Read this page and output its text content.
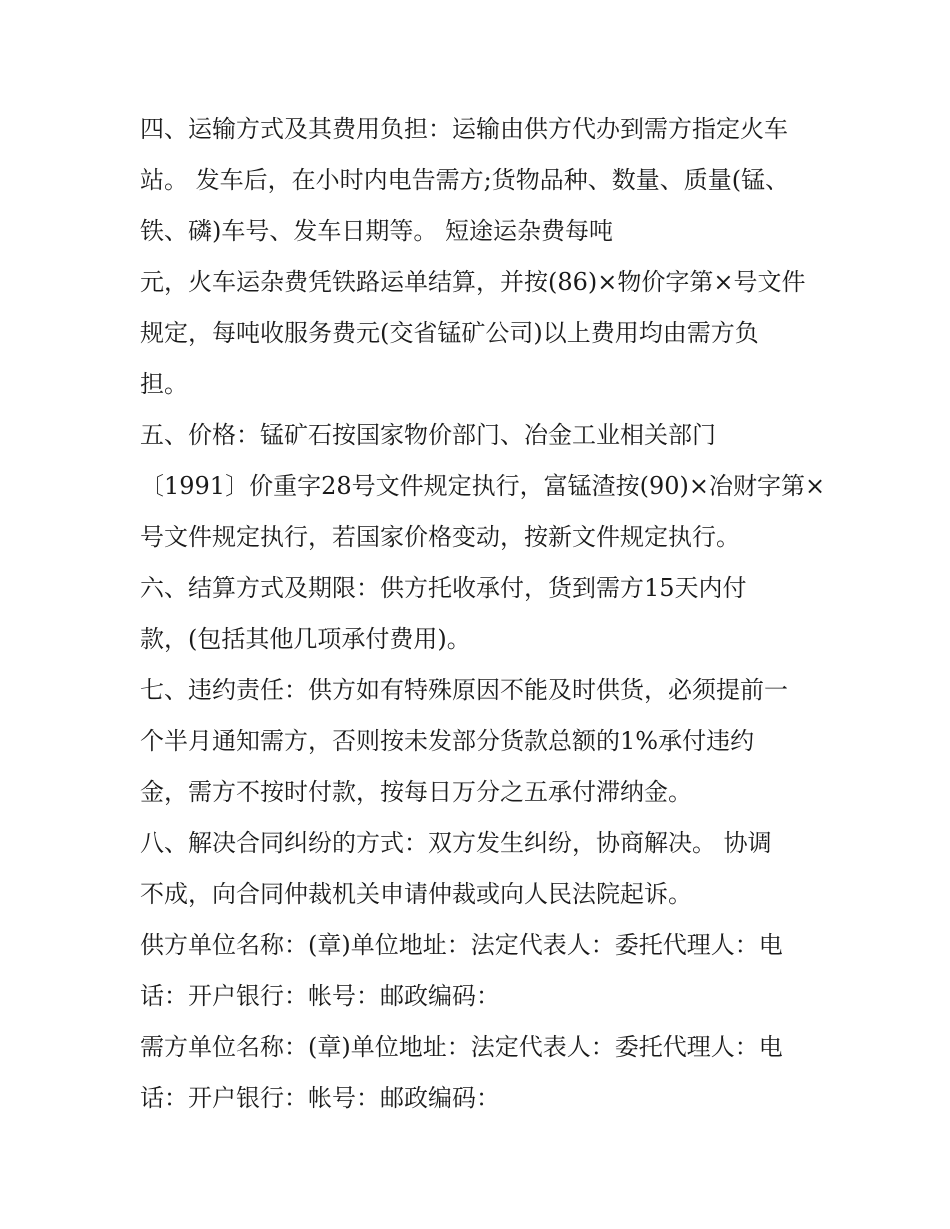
四、运输方式及其费用负担：运输由供方代办到需方指定火车
站。 发车后，在小时内电告需方;货物品种、数量、质量(锰、
铁、磷)车号、发车日期等。 短途运杂费每吨
元，火车运杂费凭铁路运单结算，并按(86)×物价字第×号文件
规定，每吨收服务费元(交省锰矿公司)以上费用均由需方负
担。
五、价格：锰矿石按国家物价部门、冶金工业相关部门
〔1991〕价重字28号文件规定执行，富锰渣按(90)×冶财字第×
号文件规定执行，若国家价格变动，按新文件规定执行。
六、结算方式及期限：供方托收承付，货到需方15天内付
款，(包括其他几项承付费用)。
七、违约责任：供方如有特殊原因不能及时供货，必须提前一
个半月通知需方，否则按未发部分货款总额的1%承付违约
金，需方不按时付款，按每日万分之五承付滞纳金。
八、解决合同纠纷的方式：双方发生纠纷，协商解决。 协调
不成，向合同仲裁机关申请仲裁或向人民法院起诉。
供方单位名称：(章)单位地址：法定代表人：委托代理人：电
话：开户银行：帐号：邮政编码：
需方单位名称：(章)单位地址：法定代表人：委托代理人：电
话：开户银行：帐号：邮政编码：
